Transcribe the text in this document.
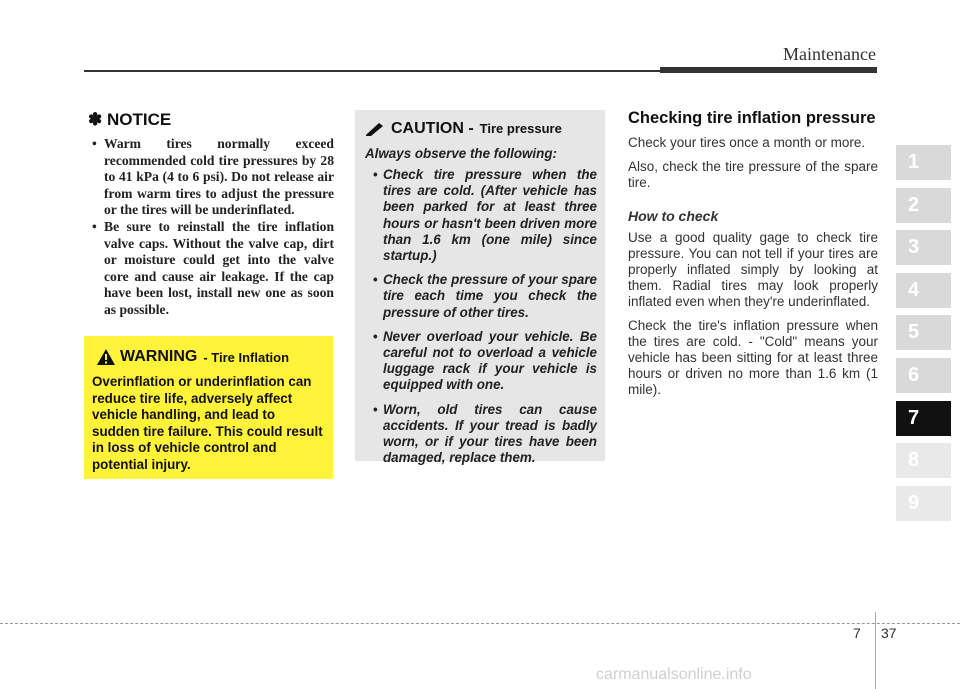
Maintenance
✽ NOTICE
• Warm tires normally exceed recommended cold tire pressures by 28 to 41 kPa (4 to 6 psi). Do not release air from warm tires to adjust the pressure or the tires will be underinflated.
• Be sure to reinstall the tire inflation valve caps. Without the valve cap, dirt or moisture could get into the valve core and cause air leakage. If the cap have been lost, install new one as soon as possible.
WARNING - Tire Inflation
Overinflation or underinflation can reduce tire life, adversely affect vehicle handling, and lead to sudden tire failure. This could result in loss of vehicle control and potential injury.
CAUTION - Tire pressure
Always observe the following:
• Check tire pressure when the tires are cold. (After vehicle has been parked for at least three hours or hasn't been driven more than 1.6 km (one mile) since startup.)
• Check the pressure of your spare tire each time you check the pressure of other tires.
• Never overload your vehicle. Be careful not to overload a vehicle luggage rack if your vehicle is equipped with one.
• Worn, old tires can cause accidents. If your tread is badly worn, or if your tires have been damaged, replace them.
Checking tire inflation pressure

Check your tires once a month or more.

Also, check the tire pressure of the spare tire.

How to check

Use a good quality gage to check tire pressure. You can not tell if your tires are properly inflated simply by looking at them. Radial tires may look properly inflated even when they're underinflated.

Check the tire's inflation pressure when the tires are cold. - "Cold" means your vehicle has been sitting for at least three hours or driven no more than 1.6 km (1 mile).

1
2
3
4
5
6
7
8
9
7 37
carmanualsonline.info
